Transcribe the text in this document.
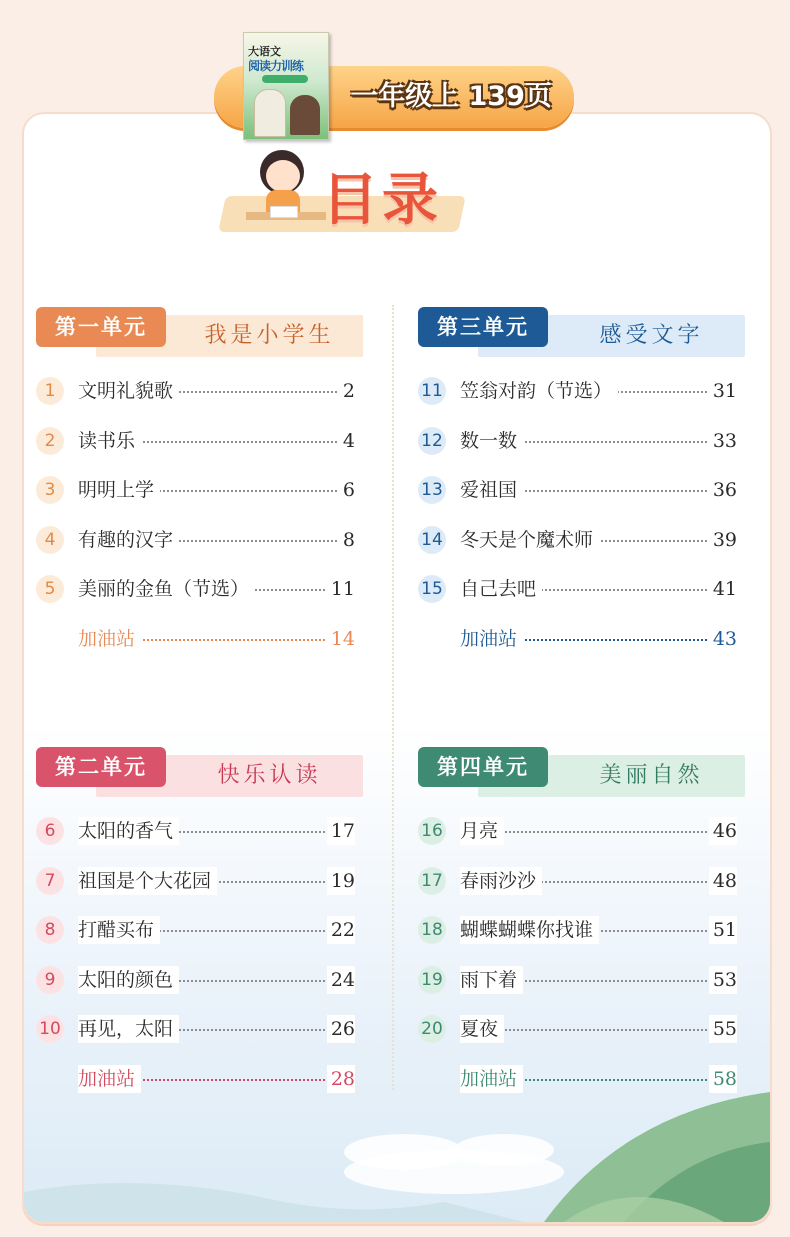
一年级上 139页
大语文
阅读力训练
目录
第一单元	我是小学生
1	文明礼貌歌	2
2	读书乐	4
3	明明上学	6
4	有趣的汉字	8
5	美丽的金鱼（节选）	11
加油站	14
第二单元	快乐认读
6	太阳的香气	17
7	祖国是个大花园	19
8	打醋买布	22
9	太阳的颜色	24
10 再见，太阳	26
加油站	28
第三单元	感受文字
11 笠翁对韵（节选）	31
12 数一数	33
13 爱祖国	36
14 冬天是个魔术师	39
15 自己去吧	41
加油站	43
第四单元	美丽自然
16 月亮	46
17 春雨沙沙	48
18 蝴蝶蝴蝶你找谁	51
19 雨下着	53
20 夏夜	55
加油站	58
